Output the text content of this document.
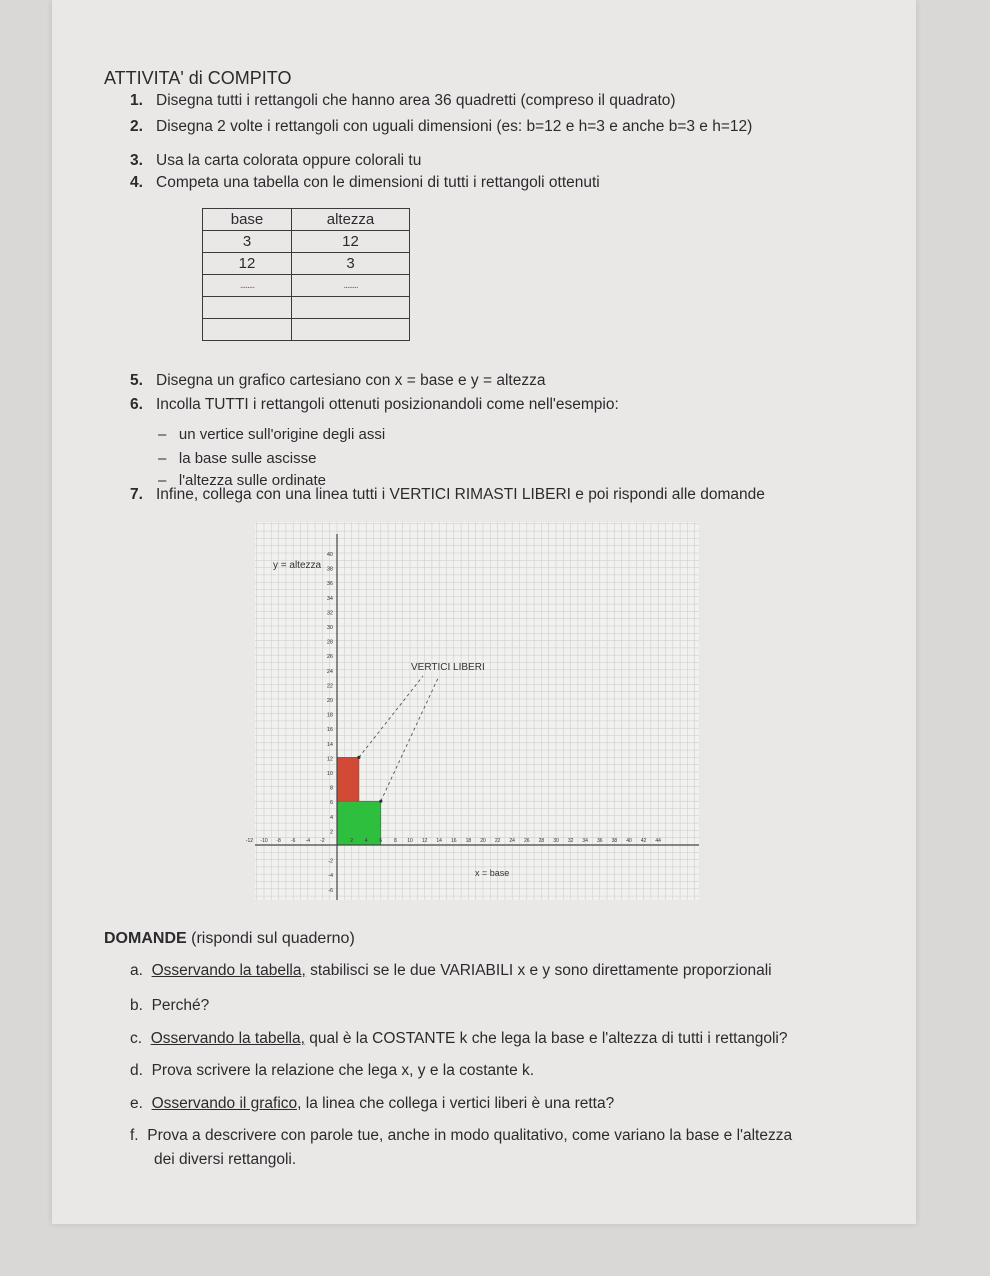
ATTIVITA' di COMPITO
1. Disegna tutti i rettangoli che hanno area 36 quadretti (compreso il quadrato)
2. Disegna 2 volte i rettangoli con uguali dimensioni (es: b=12 e h=3 e anche b=3 e h=12)
3. Usa la carta colorata oppure colorali tu
4. Competa una tabella con le dimensioni di tutti i rettangoli ottenuti
base	altezza
3	12
12	3
........	........

5. Disegna un grafico cartesiano con x = base e y = altezza
6. Incolla TUTTI i rettangoli ottenuti posizionandoli come nell'esempio:
– un vertice sull'origine degli assi
– la base sulle ascisse
– l'altezza sulle ordinate
7. Infine, collega con una linea tutti i VERTICI RIMASTI LIBERI e poi rispondi alle domande
40
38
36
34
32
30
28
26
24
22
20
18
16
14
12
10
8
6
4
2
-2
-4
-6
2 4 6 8 10 12 14 16 18 20 22 24 26 28 30 32 34 36 38 40 42 44
-12 -10 -8 -6 -4 -2
y = altezza
x = base
VERTICI LIBERI
DOMANDE (rispondi sul quaderno)
a. Osservando la tabella, stabilisci se le due VARIABILI x e y sono direttamente proporzionali
b. Perché?
c. Osservando la tabella, qual è la COSTANTE k che lega la base e l'altezza di tutti i rettangoli?
d. Prova scrivere la relazione che lega x, y e la costante k.
e. Osservando il grafico, la linea che collega i vertici liberi è una retta?
f. Prova a descrivere con parole tue, anche in modo qualitativo, come variano la base e l'altezza
dei diversi rettangoli.
